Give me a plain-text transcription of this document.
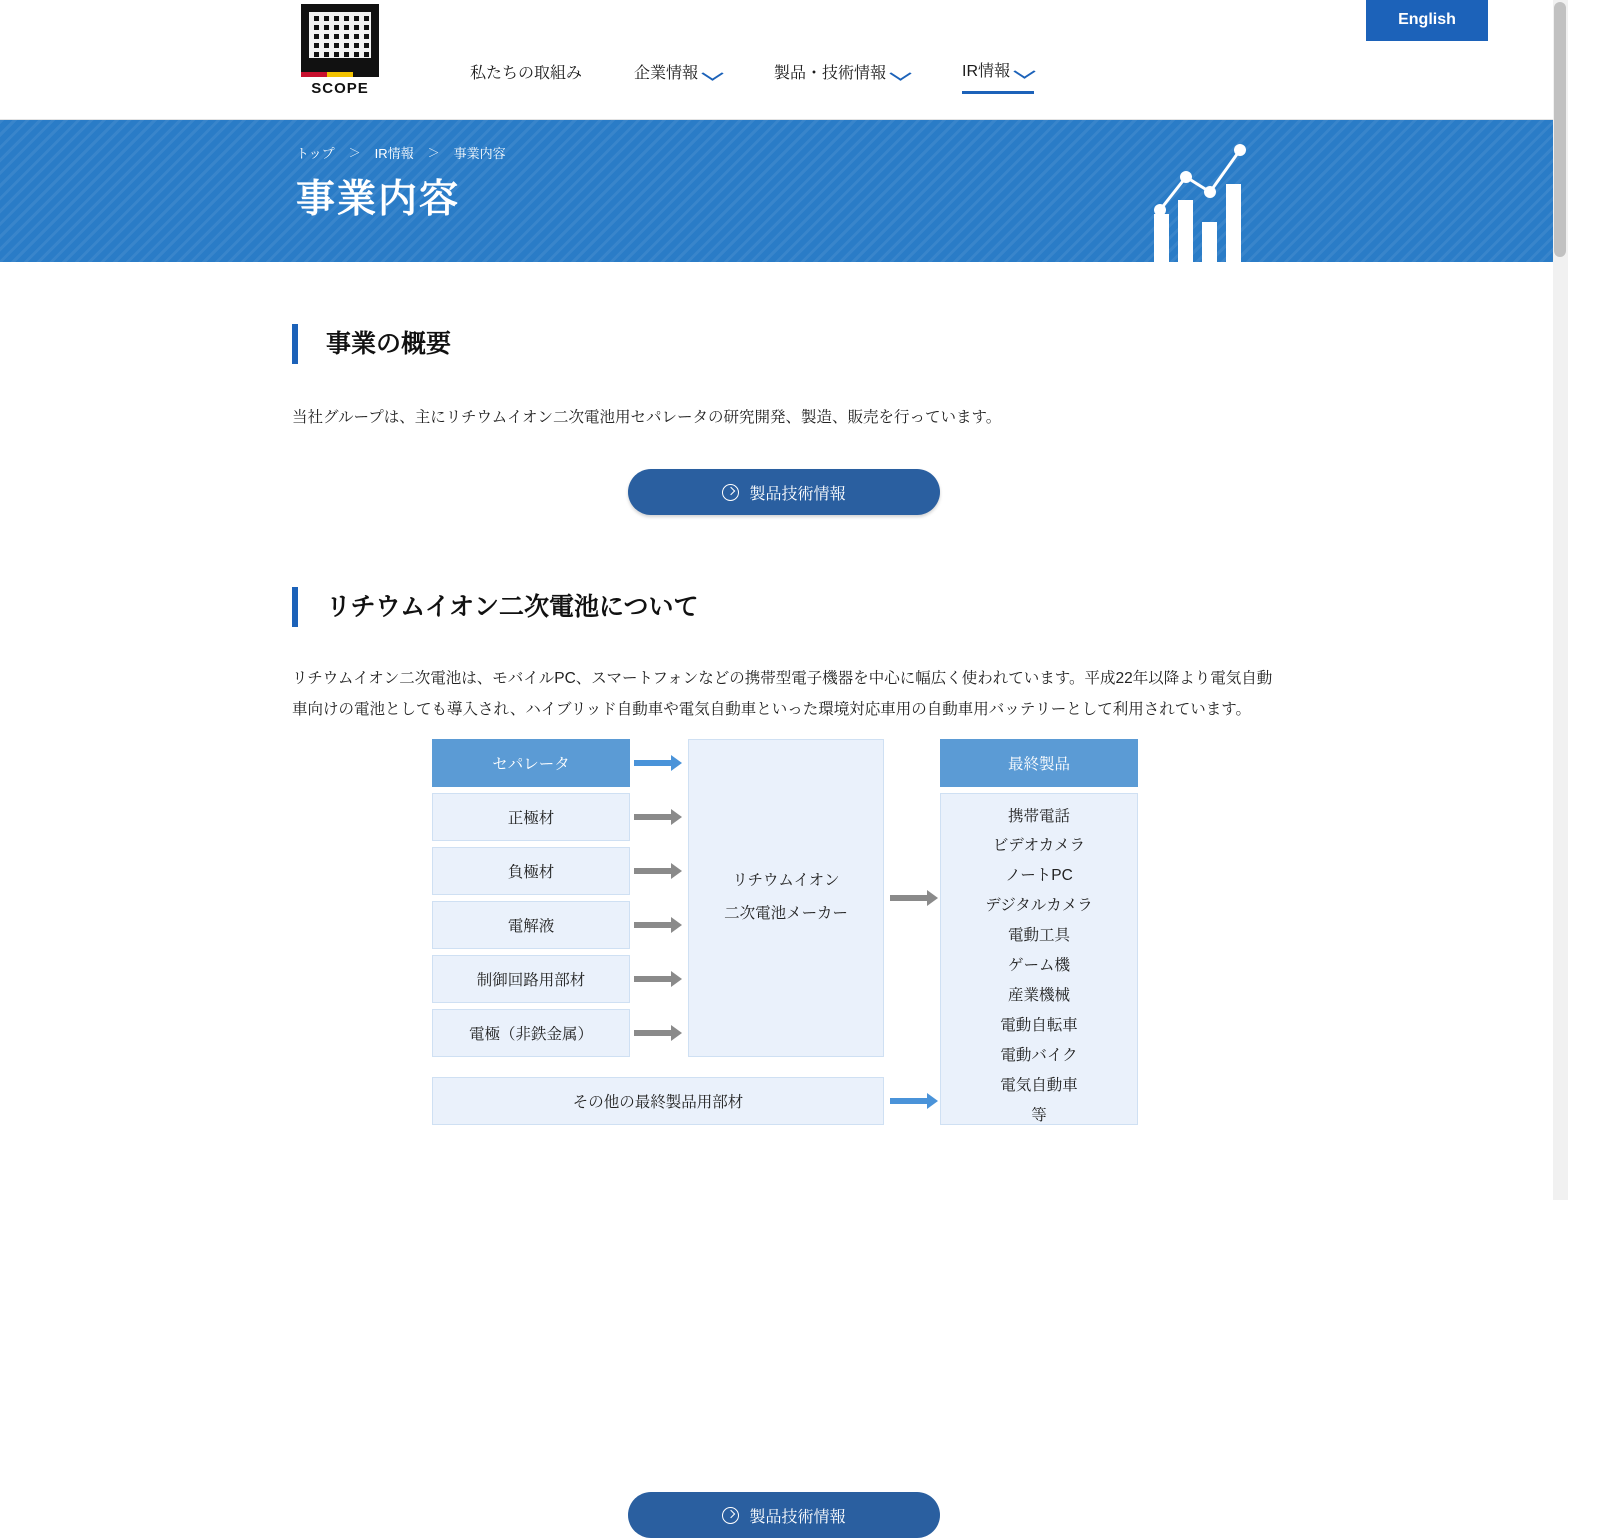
SCOPE
私たちの取組み	企業情報	製品・技術情報	IR情報
English
トップ ＞ IR情報 ＞ 事業内容
事業内容
事業の概要
当社グループは、主にリチウムイオン二次電池用セパレータの研究開発、製造、販売を行っています。
製品技術情報
リチウムイオン二次電池について
リチウムイオン二次電池は、モバイルPC、スマートフォンなどの携帯型電子機器を中心に幅広く使われています。平成22年以降より電気自動車向けの電池としても導入され、ハイブリッド自動車や電気自動車といった環境対応車用の自動車用バッテリーとして利用されています。
セパレータ
正極材
負極材
電解液
制御回路用部材
電極（非鉄金属）
その他の最終製品用部材
リチウムイオン
二次電池メーカー
最終製品
携帯電話
ビデオカメラ
ノートPC
デジタルカメラ
電動工具
ゲーム機
産業機械
電動自転車
電動バイク
電気自動車
等
製品技術情報
